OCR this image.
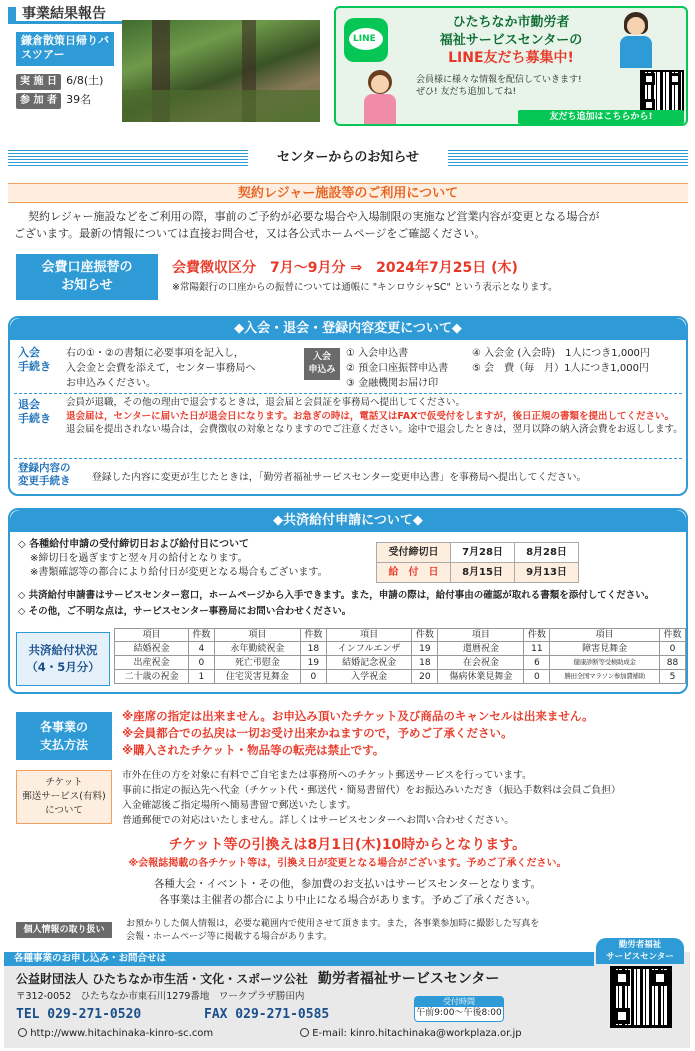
事業結果報告
鎌倉散策日帰りバスツアー
実 施 日 6/8(土)
参 加 者 39名
LINE
ひたちなか市勤労者
福祉サービスセンターの
LINE友だち募集中!
会員様に様々な情報を配信していきます!
ぜひ! 友だち追加してね!
友だち追加はこちらから!
センターからのお知らせ
契約レジャー施設等のご利用について
契約レジャー施設などをご利用の際，事前のご予約が必要な場合や入場制限の実施など営業内容が変更となる場合が
ございます。最新の情報については直接お問合せ，又は各公式ホームページをご確認ください。
会費口座振替の
お知らせ
会費徴収区分　7月〜9月分 ⇒　2024年7月25日 (木)
※常陽銀行の口座からの振替については通帳に "キンロウシャSC" という表示となります。
◆入会・退会・登録内容変更について◆
入会
手続き
右の①・②の書類に必要事項を記入し，
入会金と会費を添えて，センター事務局へ
お申込みください。
入会
申込み
① 入会申込書
② 預金口座振替申込書
③ 金融機関お届け印
④ 入会金 (入会時)　1人につき1,000円
⑤ 会　費（毎　月）1人につき1,000円
退会
手続き
会員が退職，その他の理由で退会するときは，退会届と会員証を事務局へ提出してください。
退会届は，センターに届いた日が退会日になります。お急ぎの時は，電話又はFAXで仮受付をしますが，後日正規の書類を提出してください。
退会届を提出されない場合は，会費徴収の対象となりますのでご注意ください。途中で退会したときは，翌月以降の納入済会費をお返しします。
登録内容の
変更手続き 登録した内容に変更が生じたときは，「勤労者福祉サービスセンター変更申込書」を事務局へ提出してください。
◆共済給付申請について◆
◇ 各種給付申請の受付締切日および給付日について
※締切日を過ぎますと翌々月の給付となります。
※書類確認等の都合により給付日が変更となる場合もございます。
受付締切日	7月28日	8月28日
給　付　日	8月15日	9月13日
◇ 共済給付申請書はサービスセンター窓口，ホームページから入手できます。また，申請の際は，給付事由の確認が取れる書類を添付してください。
◇ その他，ご不明な点は，サービスセンター事務局にお問い合わせください。
共済給付状況
（4・5月分）
項目	件数	項目	件数	項目	件数	項目	件数	項目	件数
結婚祝金	4	永年勤続祝金	18	インフルエンザ	19	還暦祝金	11	障害見舞金	0
出産祝金	0	死亡弔慰金	19	結婚記念祝金	18	在会祝金	6	健康診断等受検助成金	88
二十歳の祝金	1	住宅災害見舞金	0	入学祝金	20	傷病休業見舞金	0	勝田全国マラソン参加費補助	5
各事業の
支払方法
※座席の指定は出来ません。お申込み頂いたチケット及び商品のキャンセルは出来ません。
※会員都合での払戻は一切お受け出来かねますので，予めご了承ください。
※購入されたチケット・物品等の転売は禁止です。
チケット
郵送サービス(有料)
について
市外在住の方を対象に有料でご自宅または事務所へのチケット郵送サービスを行っています。
事前に指定の振込先へ代金（チケット代・郵送代・簡易書留代）をお振込みいただき（振込手数料は会員ご負担）
入金確認後ご指定場所へ簡易書留で郵送いたします。
普通郵便での対応はいたしません。詳しくはサービスセンターへお問い合わせください。
チケット等の引換えは8月1日(木)10時からとなります。
※会報誌掲載の各チケット等は，引換え日が変更となる場合がございます。予めご了承ください。
各種大会・イベント・その他，参加費のお支払いはサービスセンターとなります。
各事業は主催者の都合により中止になる場合があります。予めご了承ください。
個人情報の取り扱い
お預かりした個人情報は，必要な範囲内で使用させて頂きます。また，各事業参加時に撮影した写真を
会報・ホームページ等に掲載する場合があります。
各種事業のお申し込み・お問合せは
公益財団法人 ひたちなか市生活・文化・スポーツ公社 勤労者福祉サービスセンター
〒312-0052　ひたちなか市東石川1279番地　ワークプラザ勝田内
TEL 029-271-0520	FAX 029-271-0585
受付時間
午前9:00〜午後8:00
http://www.hitachinaka-kinro-sc.com	E-mail: kinro.hitachinaka@workplaza.or.jp
勤労者福祉
サービスセンター
